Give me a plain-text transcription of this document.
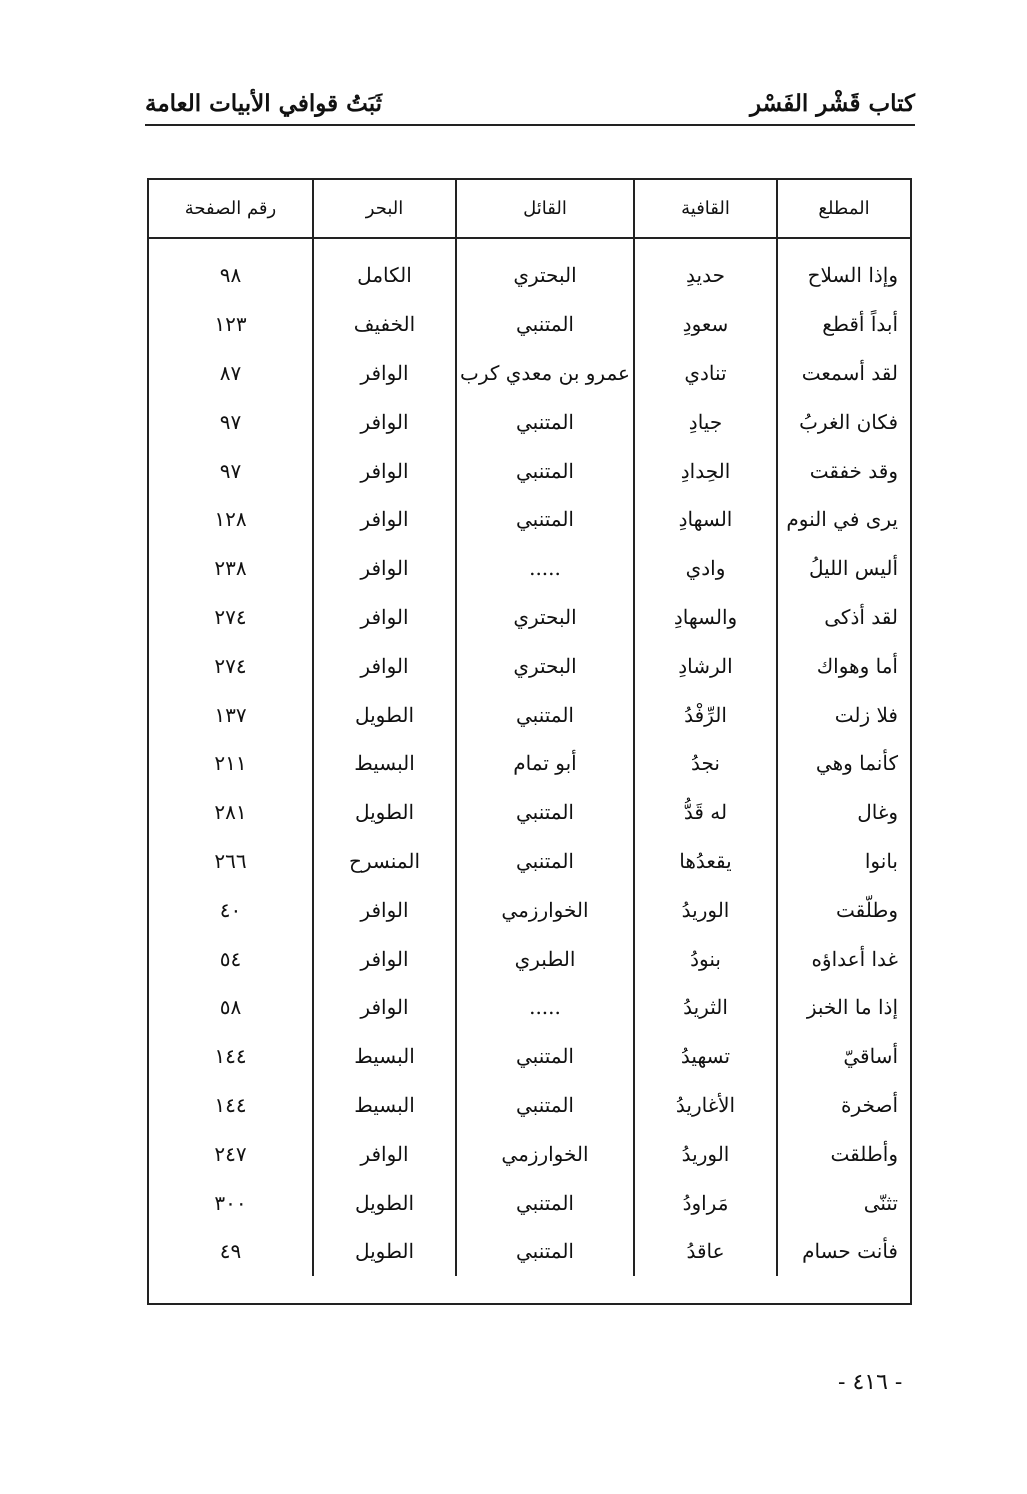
كتاب قَشْر الفَسْر
ثَبَتُ قوافي الأبيات العامة
المطلع	القافية	القائل	البحر	رقم الصفحة

وإذا السلاح	حديدِ	البحتري	الكامل	٩٨
أبداً أقطع	سعودِ	المتنبي	الخفيف	١٢٣
لقد أسمعت	تنادي	عمرو بن معدي كرب	الوافر	٨٧
فكان الغربُ	جيادِ	المتنبي	الوافر	٩٧
وقد خفقت	الحِدادِ	المتنبي	الوافر	٩٧
يرى في النوم	السهادِ	المتنبي	الوافر	١٢٨
أليس الليلُ	وادي	.....	الوافر	٢٣٨
لقد أذكى	والسهادِ	البحتري	الوافر	٢٧٤
أما وهواك	الرشادِ	البحتري	الوافر	٢٧٤
فلا زلت	الرِّفْدُ	المتنبي	الطويل	١٣٧
كأنما وهي	نجدُ	أبو تمام	البسيط	٢١١
وغال	له قَدُّ	المتنبي	الطويل	٢٨١
بانوا	يقعدُها	المتنبي	المنسرح	٢٦٦
وطلّقت	الوريدُ	الخوارزمي	الوافر	٤٠
غدا أعداؤه	بنودُ	الطبري	الوافر	٥٤
إذا ما الخبز	الثريدُ	.....	الوافر	٥٨
أساقيّ	تسهيدُ	المتنبي	البسيط	١٤٤
أصخرة	الأغاريدُ	المتنبي	البسيط	١٤٤
وأطلقت	الوريدُ	الخوارزمي	الوافر	٢٤٧
تثنّى	مَراودُ	المتنبي	الطويل	٣٠٠
فأنت حسام	عاقدُ	المتنبي	الطويل	٤٩
- ٤١٦ -
